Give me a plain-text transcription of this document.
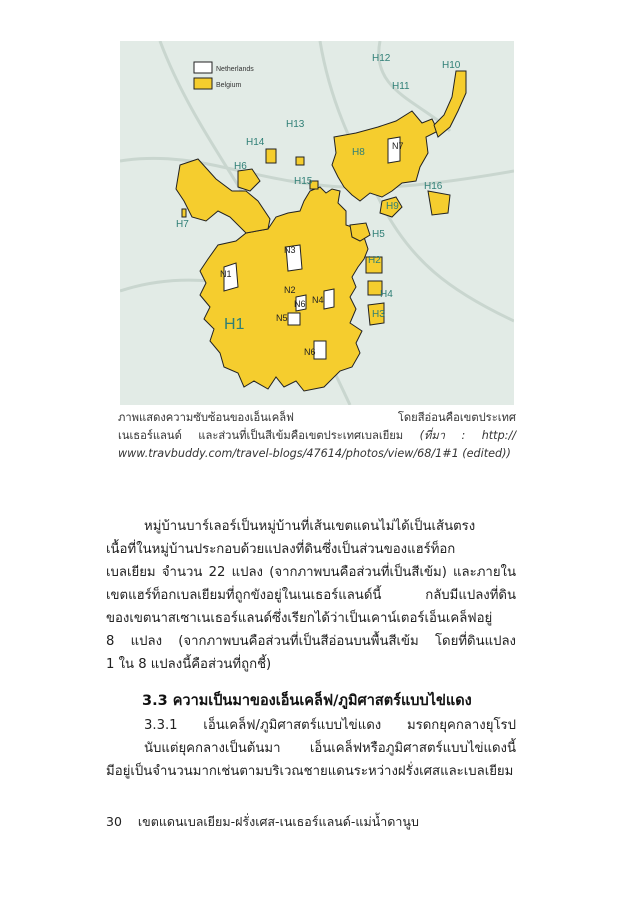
Netherlands
Belgium
H12
H10
H11
H13
H14
H8
N7
H6
H15	H16
H9
H7
H5
N3
N1
H2
N2	H4
N6 N4
H3
H1	N5
N6

ภาพแสดงความซับซ้อนของเอ็นเคล็ฟ โดยสีอ่อนคือเขตประเทศ

เนเธอร์แลนด์ และส่วนที่เป็นสีเข้มคือเขตประเทศเบลเยียม (ที่มา : http://

www.travbuddy.com/travel-blogs/47614/photos/view/68/1#1 (edited))

หมู่บ้านบาร์เลอร์เป็นหมู่บ้านที่เส้นเขตแดนไม่ได้เป็นเส้นตรง

เนื้อที่ในหมู่บ้านประกอบด้วยแปลงที่ดินซึ่งเป็นส่วนของแฮร์ท็อก

เบลเยียม จำนวน 22 แปลง (จากภาพบนคือส่วนที่เป็นสีเข้ม) และภายใน

เขตแฮร์ท็อกเบลเยียมที่ถูกขังอยู่ในเนเธอร์แลนด์นี้ กลับมีแปลงที่ดิน

ของเขตนาสเซาเนเธอร์แลนด์ซึ่งเรียกได้ว่าเป็นเคาน์เตอร์เอ็นเคล็ฟอยู่

8 แปลง (จากภาพบนคือส่วนที่เป็นสีอ่อนบนพื้นสีเข้ม โดยที่ดินแปลง

1 ใน 8 แปลงนี้คือส่วนที่ถูกชี้)

3.3 ความเป็นมาของเอ็นเคล็ฟ/ภูมิศาสตร์แบบไข่แดง

3.3.1 เอ็นเคล็ฟ/ภูมิศาสตร์แบบไข่แดง มรดกยุคกลางยุโรป

นับแต่ยุคกลางเป็นต้นมา เอ็นเคล็ฟหรือภูมิศาสตร์แบบไข่แดงนี้

มีอยู่เป็นจำนวนมากเช่นตามบริเวณชายแดนระหว่างฝรั่งเศสและเบลเยียม

30 เขตแดนเบลเยียม-ฝรั่งเศส-เนเธอร์แลนด์-แม่น้ำดานูบ
